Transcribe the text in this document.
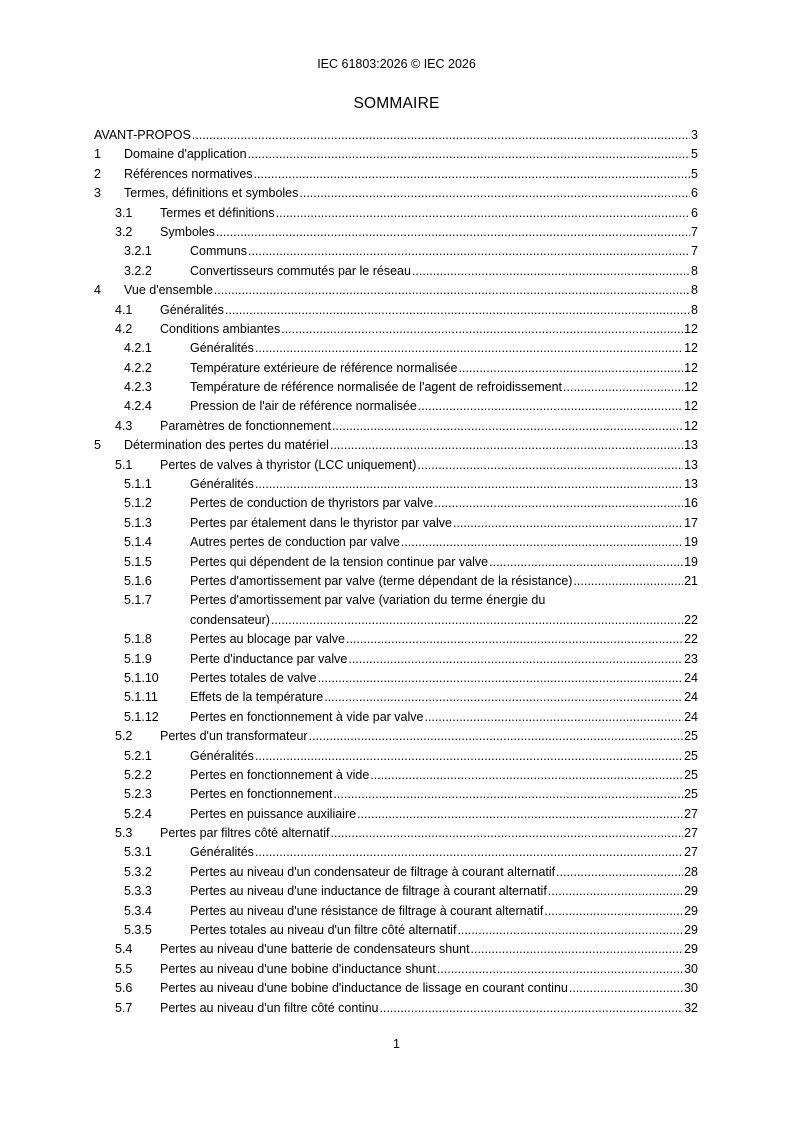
IEC 61803:2026 © IEC 2026
SOMMAIRE
AVANT-PROPOS .....	3
1 Domaine d'application .....	5
2 Références normatives .....	5
3 Termes, définitions et symboles .....	6
3.1 Termes et définitions .....	6
3.2 Symboles .....	7
3.2.1	Communs .....	7
3.2.2	Convertisseurs commutés par le réseau .....	8
4 Vue d'ensemble .....	8
4.1 Généralités .....	8
4.2 Conditions ambiantes .....	12
4.2.1	Généralités .....	12
4.2.2	Température extérieure de référence normalisée .....	12
4.2.3	Température de référence normalisée de l'agent de refroidissement .....	12
4.2.4	Pression de l'air de référence normalisée .....	12
4.3 Paramètres de fonctionnement .....	12
5 Détermination des pertes du matériel .....	13
5.1 Pertes de valves à thyristor (LCC uniquement) .....	13
5.1.1	Généralités .....	13
5.1.2	Pertes de conduction de thyristors par valve .....	16
5.1.3	Pertes par étalement dans le thyristor par valve .....	17
5.1.4	Autres pertes de conduction par valve .....	19
5.1.5	Pertes qui dépendent de la tension continue par valve .....	19
5.1.6	Pertes d'amortissement par valve (terme dépendant de la résistance) .....	21
5.1.7	Pertes d'amortissement par valve (variation du terme énergie du
condensateur) .....	22
5.1.8	Pertes au blocage par valve .....	22
5.1.9	Perte d'inductance par valve .....	23
5.1.10 Pertes totales de valve .....	24
5.1.11	Effets de la température .....	24
5.1.12 Pertes en fonctionnement à vide par valve .....	24
5.2 Pertes d'un transformateur .....	25
5.2.1	Généralités .....	25
5.2.2	Pertes en fonctionnement à vide .....	25
5.2.3	Pertes en fonctionnement .....	25
5.2.4	Pertes en puissance auxiliaire .....	27
5.3 Pertes par filtres côté alternatif .....	27
5.3.1	Généralités .....	27
5.3.2	Pertes au niveau d'un condensateur de filtrage à courant alternatif .....	28
5.3.3	Pertes au niveau d'une inductance de filtrage à courant alternatif .....	29
5.3.4	Pertes au niveau d'une résistance de filtrage à courant alternatif .....	29
5.3.5	Pertes totales au niveau d'un filtre côté alternatif .....	29
5.4 Pertes au niveau d'une batterie de condensateurs shunt .....	29
5.5 Pertes au niveau d'une bobine d'inductance shunt .....	30
5.6 Pertes au niveau d'une bobine d'inductance de lissage en courant continu .....	30
5.7 Pertes au niveau d'un filtre côté continu .....	32
1
